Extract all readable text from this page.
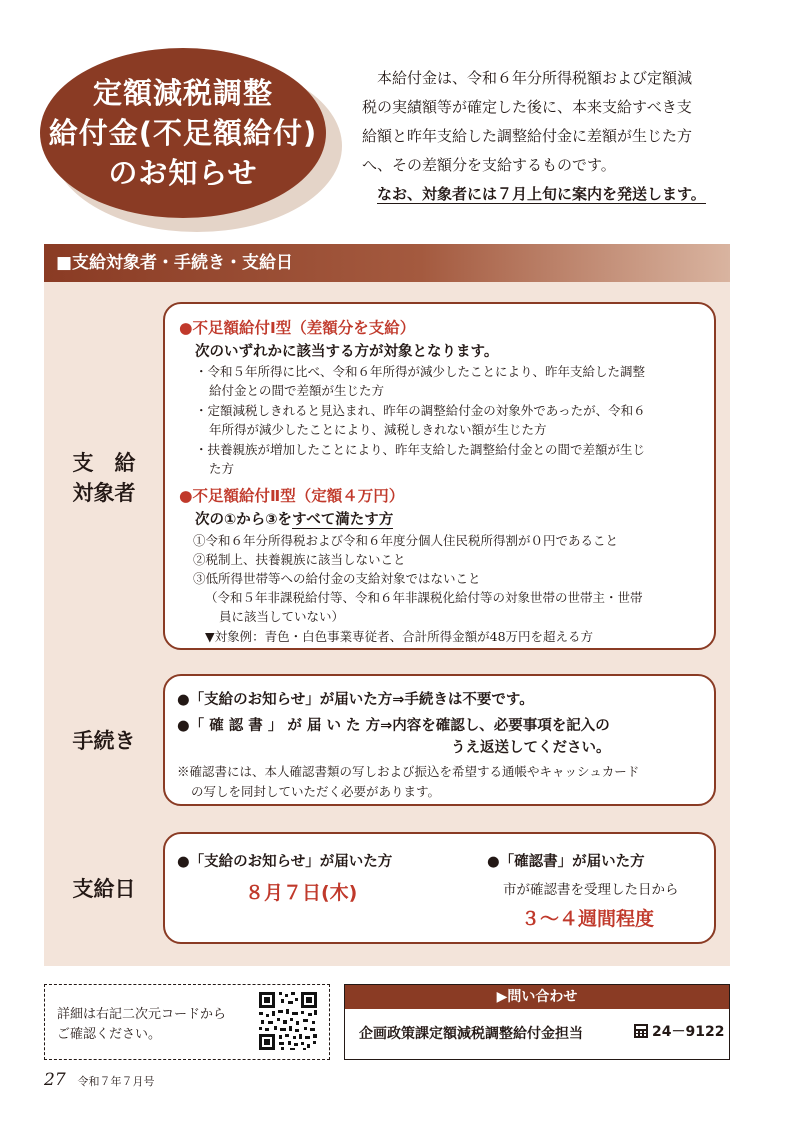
定額減税調整
給付金(不足額給付)
のお知らせ
本給付金は、令和６年分所得税額および定額減
税の実績額等が確定した後に、本来支給すべき支
給額と昨年支給した調整給付金に差額が生じた方
へ、その差額分を支給するものです。
なお、対象者には７月上旬に案内を発送します。
■支給対象者・手続き・支給日
支　給
対象者
●不足額給付Ⅰ型（差額分を支給）
次のいずれかに該当する方が対象となります。
・令和５年所得に比べ、令和６年所得が減少したことにより、昨年支給した調整
給付金との間で差額が生じた方
・定額減税しきれると見込まれ、昨年の調整給付金の対象外であったが、令和６
年所得が減少したことにより、減税しきれない額が生じた方
・扶養親族が増加したことにより、昨年支給した調整給付金との間で差額が生じ
た方
●不足額給付Ⅱ型（定額４万円）
次の①から③をすべて満たす方
①令和６年分所得税および令和６年度分個人住民税所得割が０円であること
②税制上、扶養親族に該当しないこと
③低所得世帯等への給付金の支給対象ではないこと
（令和５年非課税給付等、令和６年非課税化給付等の対象世帯の世帯主・世帯
員に該当していない）
▼対象例：青色・白色事業専従者、合計所得金額が48万円を超える方
手続き
●「支給のお知らせ」が届いた方⇒手続きは不要です。
●「 確 認 書 」 が 届 い た 方⇒内容を確認し、必要事項を記入の
うえ返送してください。
※確認書には、本人確認書類の写しおよび振込を希望する通帳やキャッシュカード
の写しを同封していただく必要があります。
支給日
●「支給のお知らせ」が届いた方
８月７日(木)
●「確認書」が届いた方
市が確認書を受理した日から
３～４週間程度
詳細は右記二次元コードから
ご確認ください。
▶問い合わせ
企画政策課定額減税調整給付金担当	24－9122
27 令和７年７月号
